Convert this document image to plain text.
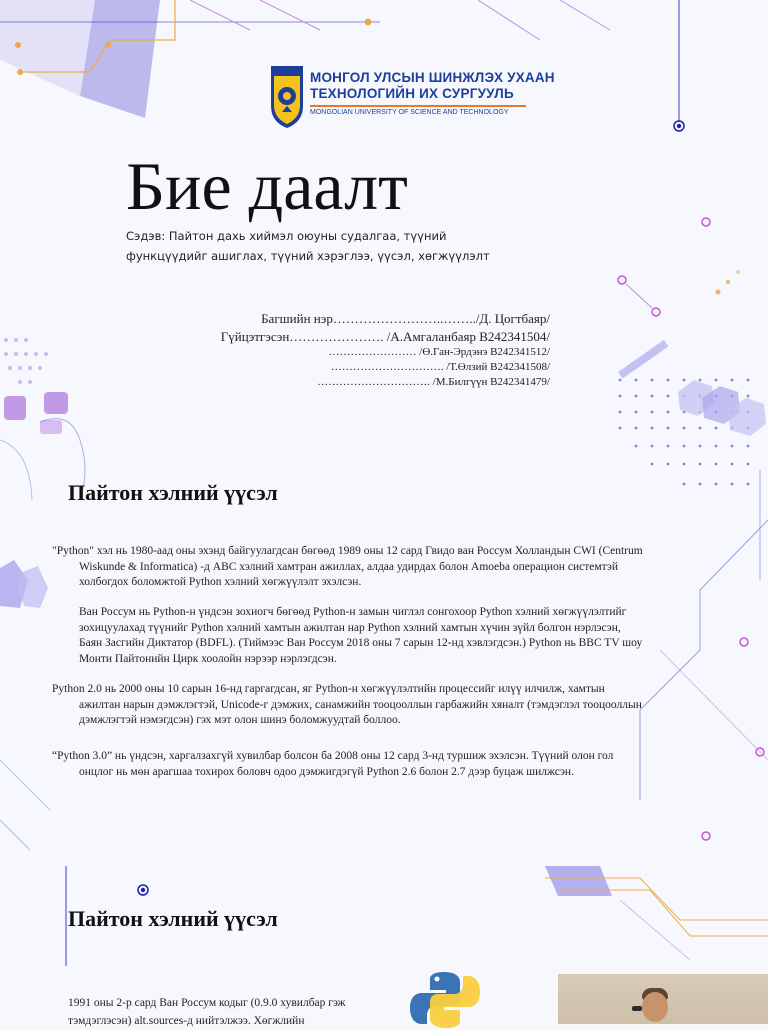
МОНГОЛ УЛСЫН ШИНЖЛЭХ УХААН
ТЕХНОЛОГИЙН ИХ СУРГУУЛЬ
MONGOLIAN UNIVERSITY OF SCIENCE AND TECHNOLOGY
Бие даалт
Сэдэв: Пайтон дахь хиймэл оюуны судалгаа, түүний функцүүдийг ашиглах, түүний хэрэглээ, үүсэл, хөгжүүлэлт
Багшийн нэр……………………..……../Д. Цогтбаяр/
Гүйцэтгэсэн…………………. /А.Амгаланбаяр B242341504/
…………………… /Ө.Ган-Эрдэнэ B242341512/
…………………………. /Т.Өлзий B242341508/
…………………………. /М.Билгүүн B242341479/
Пайтон хэлний үүсэл
"Python" хэл нь 1980-аад оны эхэнд байгуулагдсан бөгөөд 1989 оны 12 сард Гвидо ван Россум Холландын CWI (Centrum Wiskunde & Informatica) -д ABC хэлний хамтран ажиллах, алдаа удирдах болон Amoeba операцион системтэй холбогдох боломжтой Python хэлний хөгжүүлэлт эхэлсэн.
Ван Россум нь Python-н үндсэн зохиогч бөгөөд Python-н замын чиглэл сонгохоор Python хэлний хөгжүүлэлтийг зохицуулахад түүнийг Python хэлний хамтын ажилтан нар Python хэлний хамтын хүчин зүйл болгон нэрлэсэн, Баян Засгийн Диктатор (BDFL). (Тиймээс Ван Россум 2018 оны 7 сарын 12-нд хэвлэгдсэн.) Python нь BBC TV шоу Монти Пайтонийн Цирк хоолойн нэрээр нэрлэгдсэн.
Python 2.0 нь 2000 оны 10 сарын 16-нд гаргагдсан, яг Python-н хөгжүүлэлтийн процессийг илүү илчилж, хамтын ажилтан нарын дэмжлэгтэй, Unicode-г дэмжих, санамжийн тооцооллын гарбажийн хяналт (тэмдэглэл тооцооллын дэмжлэгтэй нэмэгдсэн) гэх мэт олон шинэ боломжуудтай боллоо.
“Python 3.0” нь үндсэн, харгалзахгүй хувилбар болсон ба 2008 оны 12 сард 3-нд туршиж эхэлсэн. Түүний олон гол онцлог нь мөн арагшаа тохирох боловч одоо дэмжигдэгүй Python 2.6 болон 2.7 дээр буцаж шилжсэн.
Пайтон хэлний үүсэл
1991 оны 2-р сард Ван Россум кодыг (0.9.0 хувилбар гэж тэмдэглэсэн) alt.sources-д нийтэлжээ. Хөгжлийн
